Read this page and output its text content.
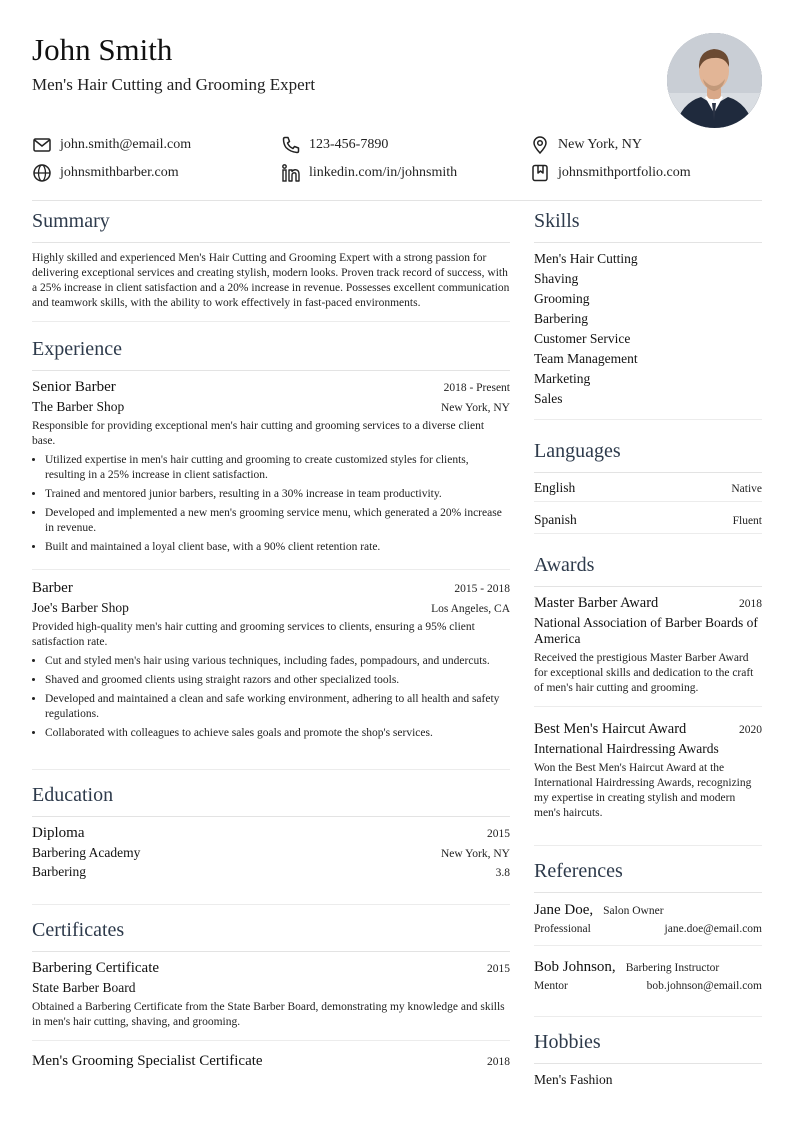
John Smith
Men's Hair Cutting and Grooming Expert
john.smith@email.com	123-456-7890	New York, NY
johnsmithbarber.com	linkedin.com/in/johnsmith	johnsmithportfolio.com
Summary
Highly skilled and experienced Men's Hair Cutting and Grooming Expert with a strong passion for delivering exceptional services and creating stylish, modern looks. Proven track record of success, with a 25% increase in client satisfaction and a 20% increase in revenue. Possesses excellent communication and teamwork skills, with the ability to work effectively in fast-paced environments.
Experience
Senior Barber	2018 - Present
The Barber Shop	New York, NY
Responsible for providing exceptional men's hair cutting and grooming services to a diverse client base.
• Utilized expertise in men's hair cutting and grooming to create customized styles for clients, resulting in a 25% increase in client satisfaction.
• Trained and mentored junior barbers, resulting in a 30% increase in team productivity.
• Developed and implemented a new men's grooming service menu, which generated a 20% increase in revenue.
• Built and maintained a loyal client base, with a 90% client retention rate.
Barber	2015 - 2018
Joe's Barber Shop	Los Angeles, CA
Provided high-quality men's hair cutting and grooming services to clients, ensuring a 95% client satisfaction rate.
• Cut and styled men's hair using various techniques, including fades, pompadours, and undercuts.
• Shaved and groomed clients using straight razors and other specialized tools.
• Developed and maintained a clean and safe working environment, adhering to all health and safety regulations.
• Collaborated with colleagues to achieve sales goals and promote the shop's services.
Education
Diploma	2015
Barbering Academy	New York, NY
Barbering	3.8
Certificates
Barbering Certificate	2015
State Barber Board
Obtained a Barbering Certificate from the State Barber Board, demonstrating my knowledge and skills in men's hair cutting, shaving, and grooming.
Men's Grooming Specialist Certificate	2018
Skills
Men's Hair Cutting
Shaving
Grooming
Barbering
Customer Service
Team Management
Marketing
Sales
Languages
English	Native
Spanish	Fluent
Awards
Master Barber Award	2018
National Association of Barber Boards of America
Received the prestigious Master Barber Award for exceptional skills and dedication to the craft of men's hair cutting and grooming.
Best Men's Haircut Award	2020
International Hairdressing Awards
Won the Best Men's Haircut Award at the International Hairdressing Awards, recognizing my expertise in creating stylish and modern men's haircuts.
References
Jane Doe, Salon Owner
Professional	jane.doe@email.com
Bob Johnson, Barbering Instructor
Mentor	bob.johnson@email.com
Hobbies
Men's Fashion
